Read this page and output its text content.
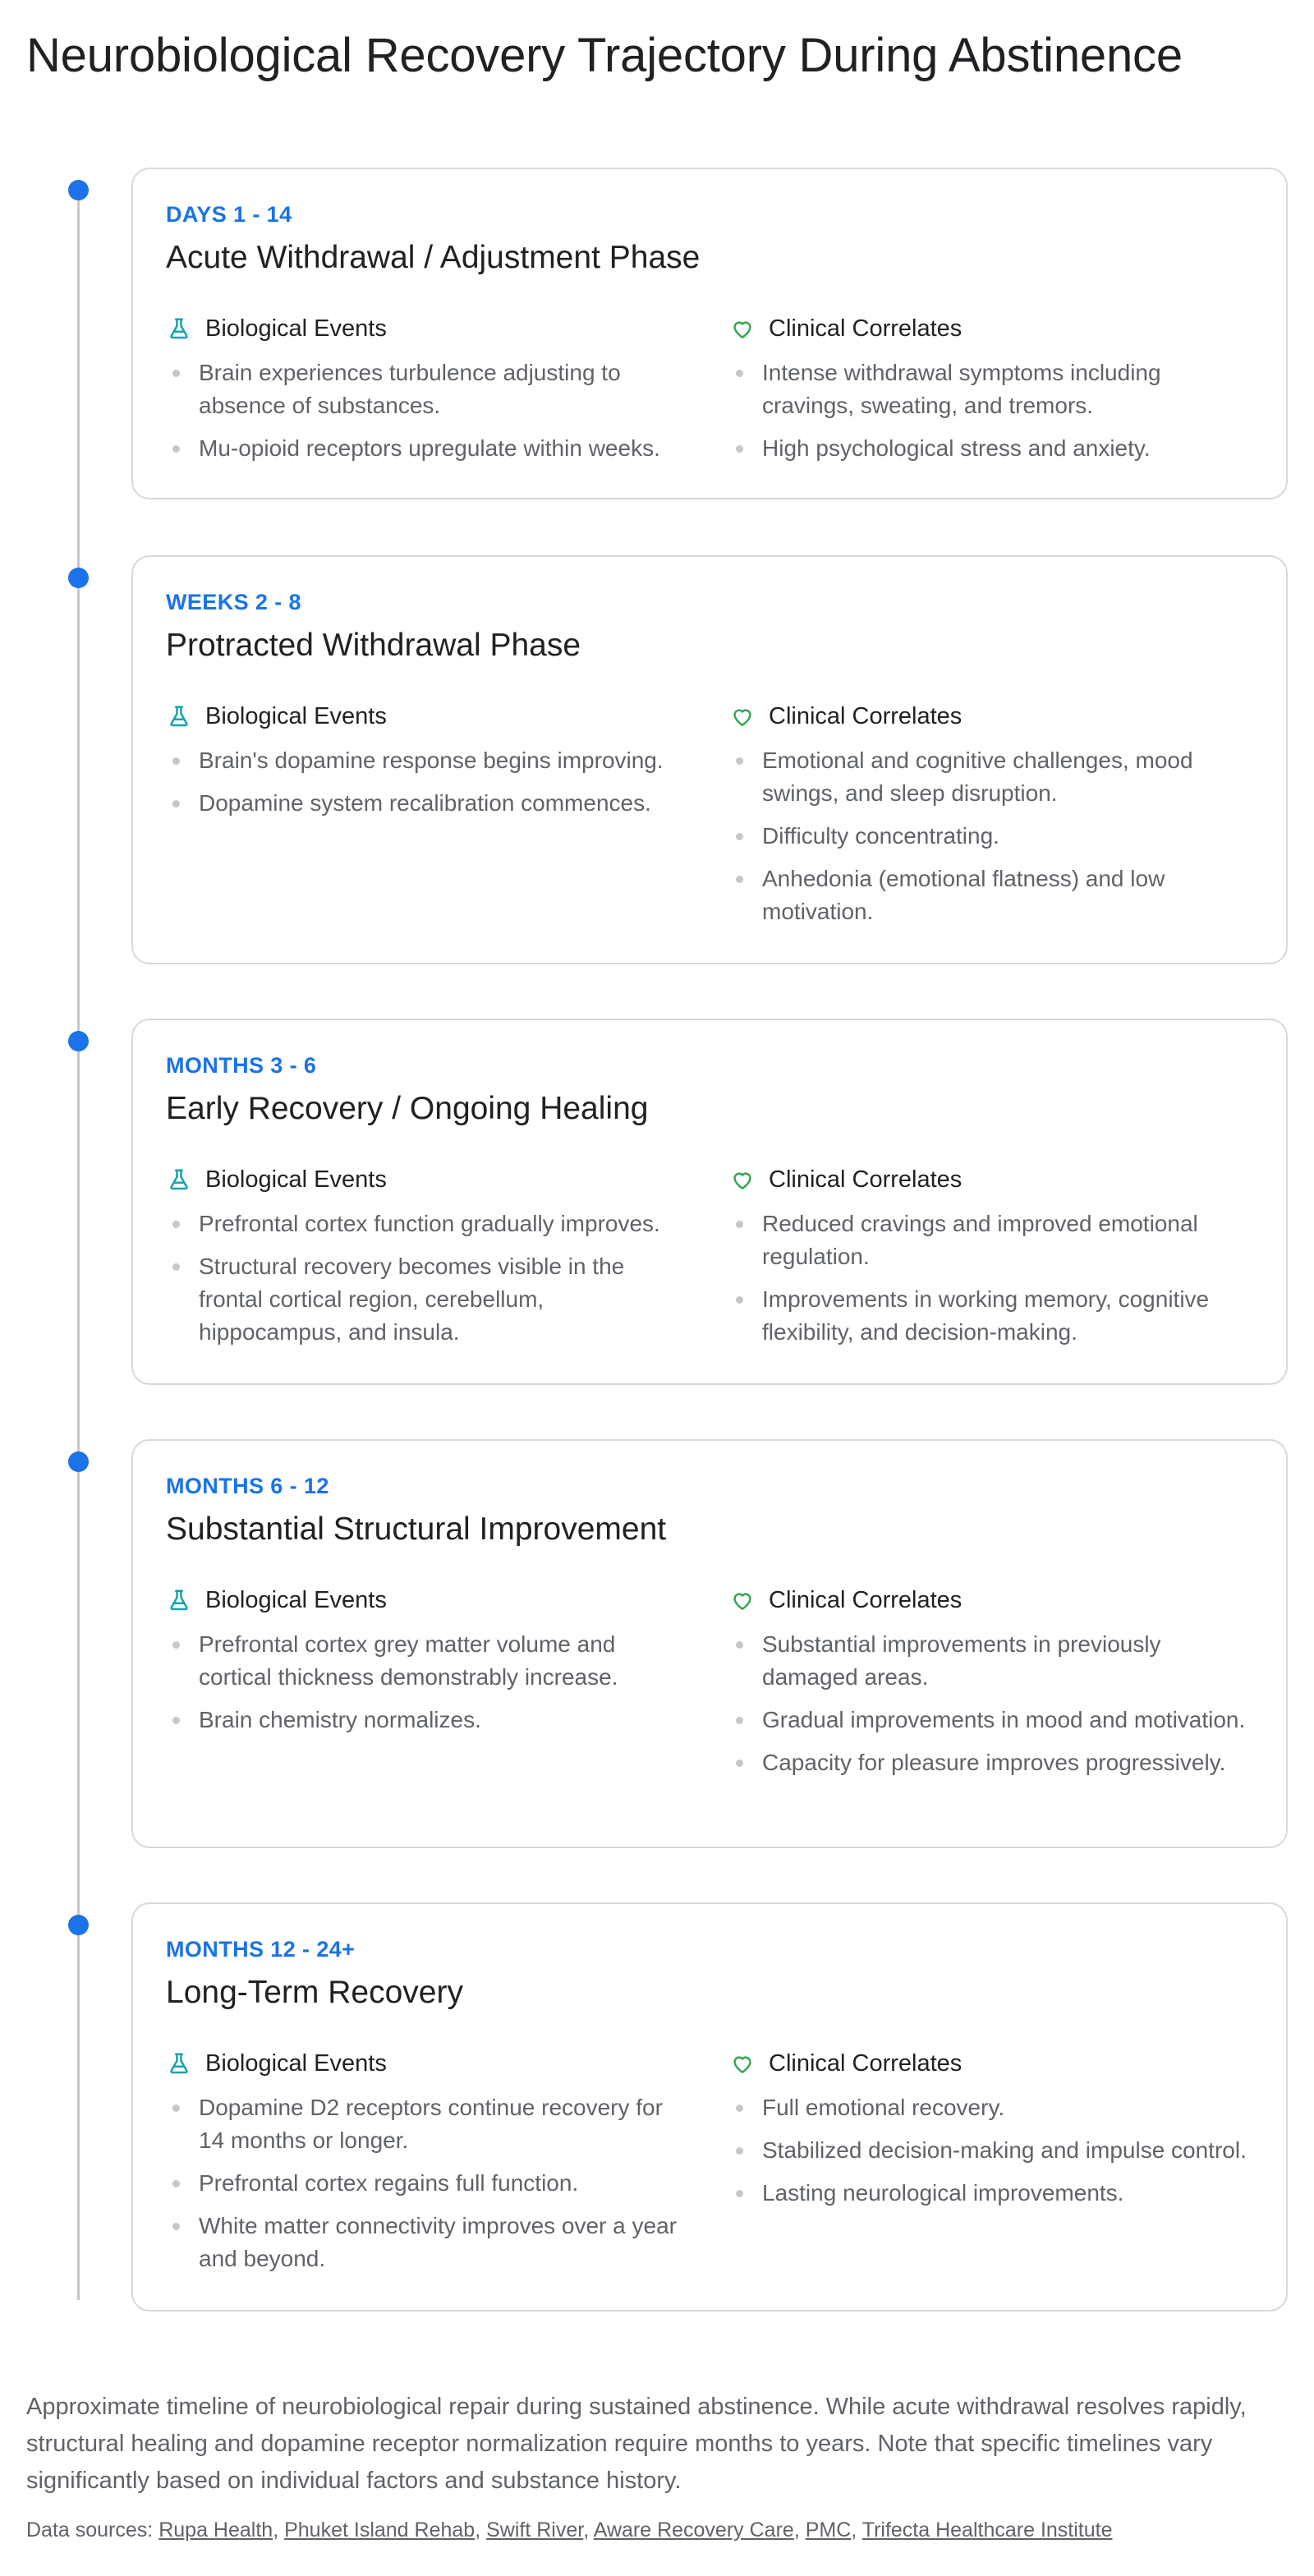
Neurobiological Recovery Trajectory During Abstinence
DAYS 1 - 14
Acute Withdrawal / Adjustment Phase
Biological Events
Brain experiences turbulence adjusting to absence of substances.
Mu-opioid receptors upregulate within weeks.
Clinical Correlates
Intense withdrawal symptoms including cravings, sweating, and tremors.
High psychological stress and anxiety.
WEEKS 2 - 8
Protracted Withdrawal Phase
Biological Events
Brain's dopamine response begins improving.
Dopamine system recalibration commences.
Clinical Correlates
Emotional and cognitive challenges, mood swings, and sleep disruption.
Difficulty concentrating.
Anhedonia (emotional flatness) and low motivation.
MONTHS 3 - 6
Early Recovery / Ongoing Healing
Biological Events
Prefrontal cortex function gradually improves.
Structural recovery becomes visible in the frontal cortical region, cerebellum, hippocampus, and insula.
Clinical Correlates
Reduced cravings and improved emotional regulation.
Improvements in working memory, cognitive flexibility, and decision-making.
MONTHS 6 - 12
Substantial Structural Improvement
Biological Events
Prefrontal cortex grey matter volume and cortical thickness demonstrably increase.
Brain chemistry normalizes.
Clinical Correlates
Substantial improvements in previously damaged areas.
Gradual improvements in mood and motivation.
Capacity for pleasure improves progressively.
MONTHS 12 - 24+
Long-Term Recovery
Biological Events
Dopamine D2 receptors continue recovery for 14 months or longer.
Prefrontal cortex regains full function.
White matter connectivity improves over a year and beyond.
Clinical Correlates
Full emotional recovery.
Stabilized decision-making and impulse control.
Lasting neurological improvements.

Approximate timeline of neurobiological repair during sustained abstinence. While acute withdrawal resolves rapidly, structural healing and dopamine receptor normalization require months to years. Note that specific timelines vary significantly based on individual factors and substance history.

Data sources: Rupa Health, Phuket Island Rehab, Swift River, Aware Recovery Care, PMC, Trifecta Healthcare Institute
